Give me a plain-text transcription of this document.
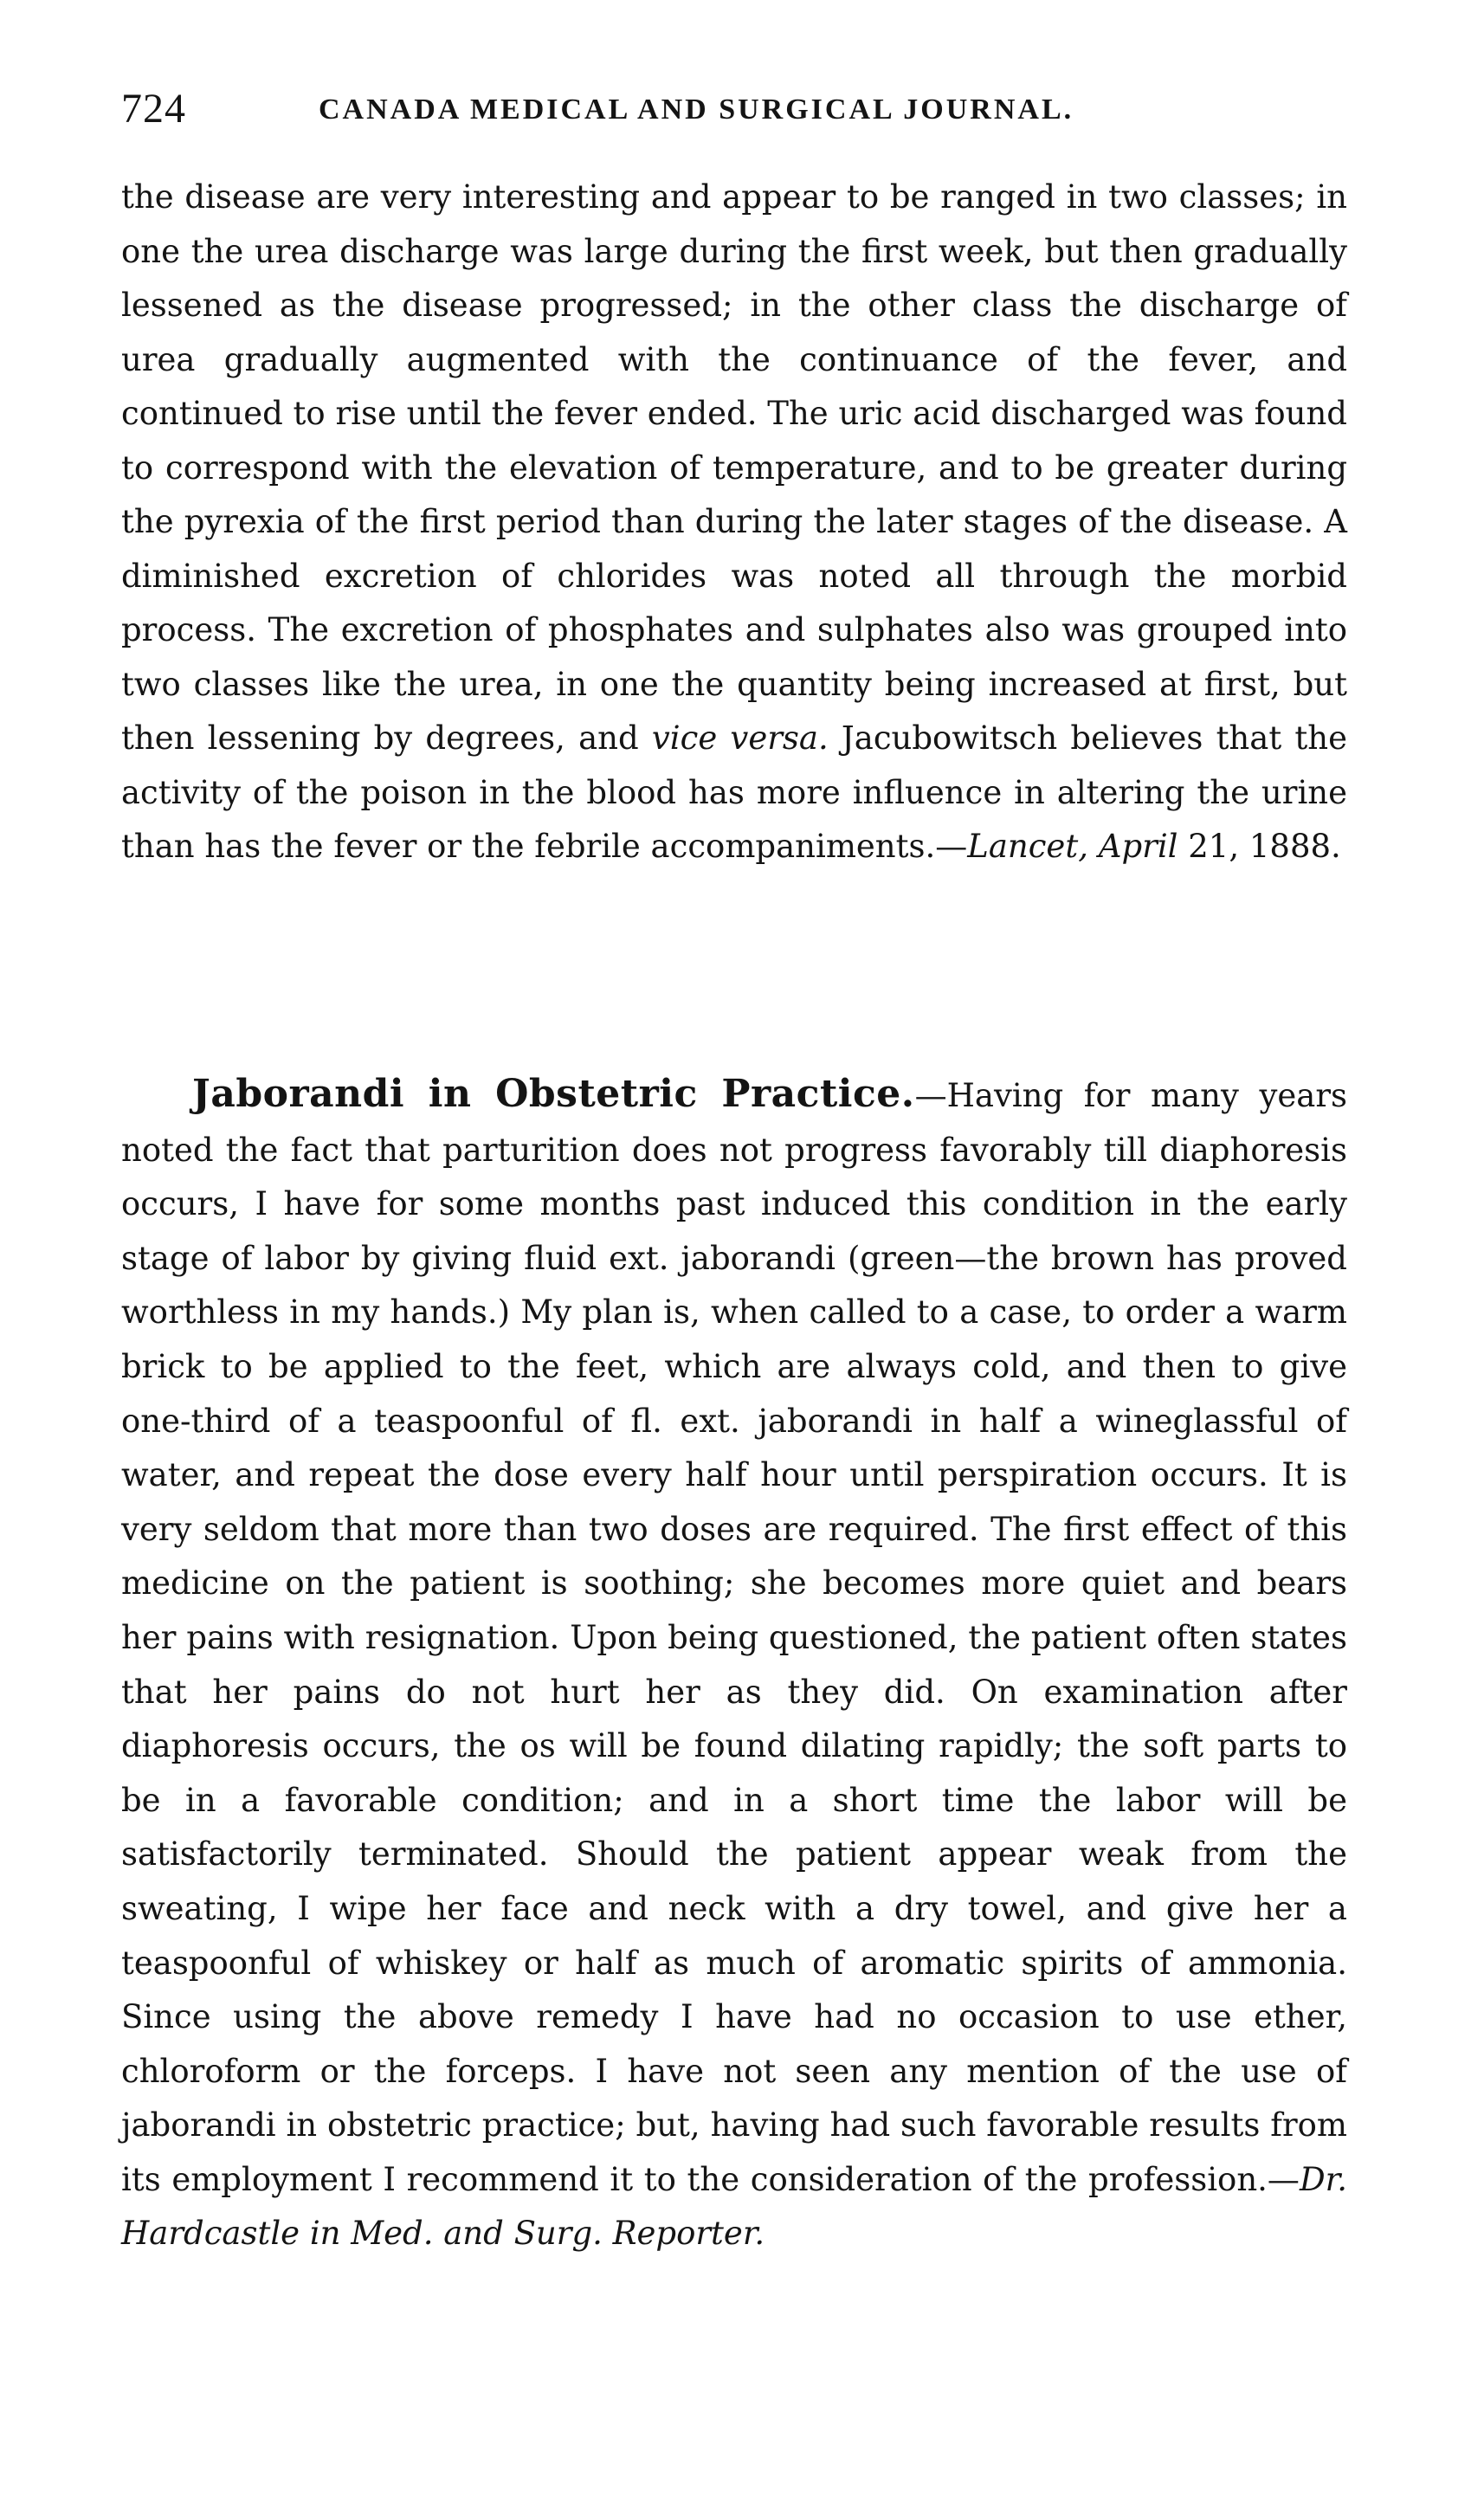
724	CANADA MEDICAL AND SURGICAL JOURNAL.
the disease are very interesting and appear to be ranged in two classes; in one the urea discharge was large during the first week, but then gradually lessened as the disease progressed; in the other class the discharge of urea gradually augmented with the continuance of the fever, and continued to rise until the fever ended. The uric acid discharged was found to correspond with the elevation of temperature, and to be greater during the pyrexia of the first period than during the later stages of the disease. A diminished excretion of chlorides was noted all through the morbid process. The excretion of phosphates and sulphates also was grouped into two classes like the urea, in one the quantity being increased at first, but then lessening by degrees, and vice versa. Jacubowitsch believes that the activity of the poison in the blood has more influence in altering the urine than has the fever or the febrile accompaniments.—Lancet, April 21, 1888.
Jaborandi in Obstetric Practice.—Having for many years noted the fact that parturition does not progress favorably till diaphoresis occurs, I have for some months past induced this condition in the early stage of labor by giving fluid ext. jaborandi (green—the brown has proved worthless in my hands.) My plan is, when called to a case, to order a warm brick to be applied to the feet, which are always cold, and then to give one-third of a teaspoonful of fl. ext. jaborandi in half a wineglassful of water, and repeat the dose every half hour until perspiration occurs. It is very seldom that more than two doses are required. The first effect of this medicine on the patient is soothing; she becomes more quiet and bears her pains with resignation. Upon being questioned, the patient often states that her pains do not hurt her as they did. On examination after diaphoresis occurs, the os will be found dilating rapidly; the soft parts to be in a favorable condition; and in a short time the labor will be satisfactorily terminated. Should the patient appear weak from the sweating, I wipe her face and neck with a dry towel, and give her a teaspoonful of whiskey or half as much of aromatic spirits of ammonia. Since using the above remedy I have had no occasion to use ether, chloroform or the forceps. I have not seen any mention of the use of jaborandi in obstetric practice; but, having had such favorable results from its employment I recommend it to the consideration of the profession.—Dr. Hardcastle in Med. and Surg. Reporter.
